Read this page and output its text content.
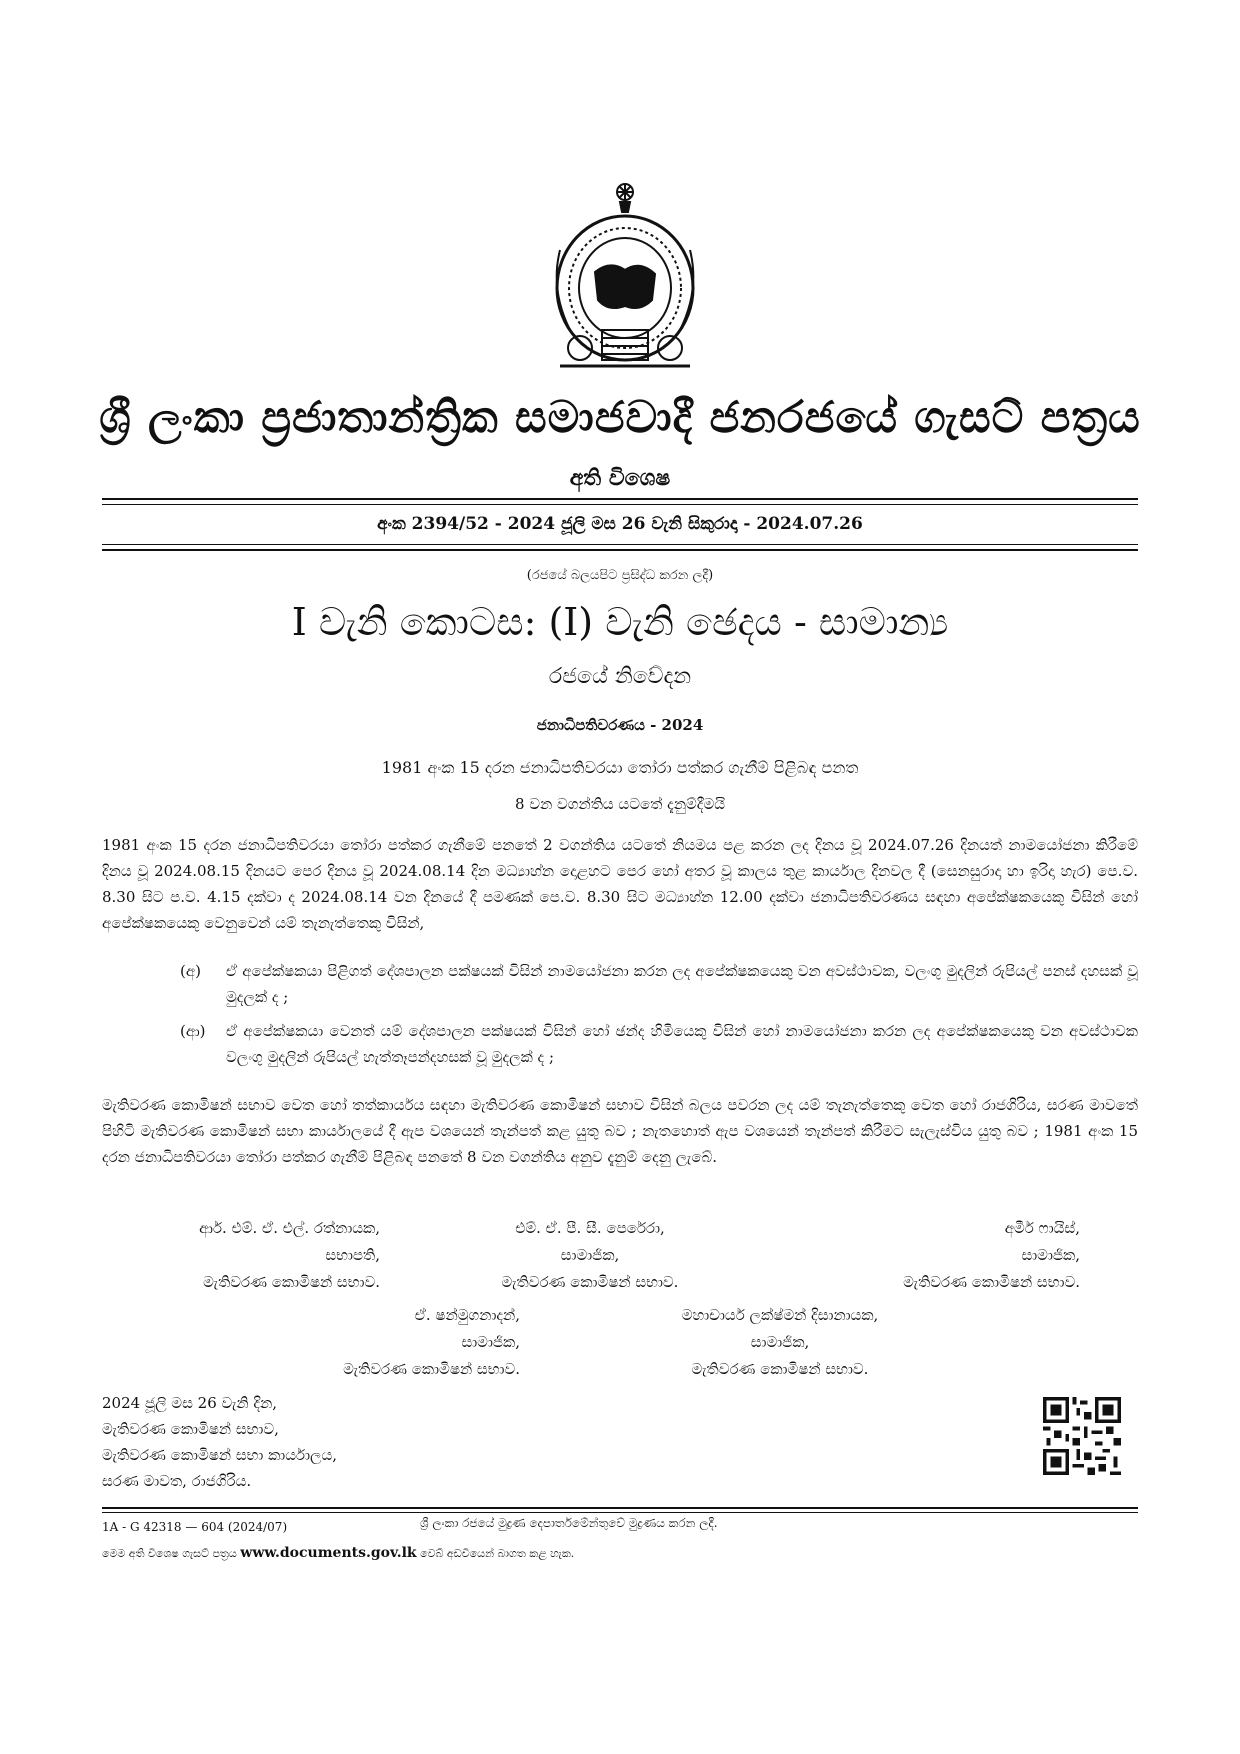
ශ්‍රී ලංකා ප්‍රජාතාන්ත්‍රික සමාජවාදී ජනරජයේ ගැසට් පත්‍රය
අති විශෙෂ
අංක 2394/52 - 2024 ජූලි මස 26 වැනි සිකුරාදා - 2024.07.26
(රජයේ බලයපිට ප්‍රසිද්ධ කරන ලදී)
I වැනි කොටස: (I) වැනි ඡෙදය - සාමාන්‍ය
රජයේ නිවේදන
ජනාධිපතිවරණය - 2024
1981 අංක 15 දරන ජනාධිපතිවරයා තෝරා පත්කර ගැනීම් පිළිබඳ පනත
8 වන වගන්තිය යටතේ දැනුම්දීමයි
1981 අංක 15 දරන ජනාධිපතිවරයා තෝරා පත්කර ගැනීමේ පනතේ 2 වගන්තිය යටතේ නියමය පළ කරන ලද දිනය වූ 2024.07.26 දිනයත් නාමයෝජනා කිරීමේ දිනය වූ 2024.08.15 දිනයට පෙර දිනය වූ 2024.08.14 දින මධ්‍යාහ්න දොළහට පෙර හෝ අතර වූ කාලය තුළ කාර්යාල දිනවල දී (සෙනසුරාදා හා ඉරිදා හැර) පෙ.ව. 8.30 සිට ප.ව. 4.15 දක්වා ද 2024.08.14 වන දිනයේ දී පමණක් පෙ.ව. 8.30 සිට මධ්‍යාහ්න 12.00 දක්වා ජනාධිපතිවරණය සඳහා අපේක්ෂකයෙකු විසින් හෝ අපේක්ෂකයෙකු වෙනුවෙන් යම් තැනැත්තෙකු විසින්,
(අ)	ඒ අපේක්ෂකයා පිළිගත් දේශපාලන පක්ෂයක් විසින් නාමයෝජනා කරන ලද අපේක්ෂකයෙකු වන අවස්ථාවක, වලංගු මුදලින් රුපියල් පනස් දහසක් වූ මුදලක් ද ;
(ආ)	ඒ අපේක්ෂකයා වෙනත් යම් දේශපාලන පක්ෂයක් විසින් හෝ ඡන්ද හිමියෙකු විසින් හෝ නාමයෝජනා කරන ලද අපේක්ෂකයෙකු වන අවස්ථාවක වලංගු මුදලින් රුපියල් හැත්තෑපන්දහසක් වූ මුදලක් ද ;
මැතිවරණ කොමිෂන් සභාව වෙත හෝ තත්කාර්යය සඳහා මැතිවරණ කොමිෂන් සභාව විසින් බලය පවරන ලද යම් තැනැත්තෙකු වෙත හෝ රාජගිරිය, සරණ මාවතේ පිහිටි මැතිවරණ කොමිෂන් සභා කාර්යාලයේ දී ඇප වශයෙන් තැන්පත් කළ යුතු බව ; නැතහොත් ඇප වශයෙන් තැන්පත් කිරීමට සැලැස්විය යුතු බව ; 1981 අංක 15 දරන ජනාධිපතිවරයා තෝරා පත්කර ගැනීම් පිළිබඳ පනතේ 8 වන වගන්තිය අනුව දැනුම් දෙනු ලැබේ.
ආර්. එම්. ඒ. එල්. රත්නායක,
සභාපති,
මැතිවරණ කොමිෂන් සභාව.
එම්. ඒ. පී. සී. පෙරේරා,
සාමාජික,
මැතිවරණ කොමිෂන් සභාව.
අමීර් ෆායිස්,
සාමාජික,
මැතිවරණ කොමිෂන් සභාව.
ඒ. ෂන්මුගනාදන්,
සාමාජික,
මැතිවරණ කොමිෂන් සභාව.
මහාචාර්ය ලක්ෂ්මන් දිසානායක,
සාමාජික,
මැතිවරණ කොමිෂන් සභාව.
2024 ජූලි මස 26 වැනි දින,
මැතිවරණ කොමිෂන් සභාව,
මැතිවරණ කොමිෂන් සභා කාර්යාලය,
සරණ මාවත, රාජගිරිය.
1A - G 42318 — 604 (2024/07)	ශ්‍රී ලංකා රජයේ මුද්‍රණ දෙපාර්තමේන්තුවේ මුද්‍රණය කරන ලදී.
මෙම අති විශෙෂ ගැසට් පත්‍රය www.documents.gov.lk වෙබ් අඩවියෙන් බාගත කළ හැක.
